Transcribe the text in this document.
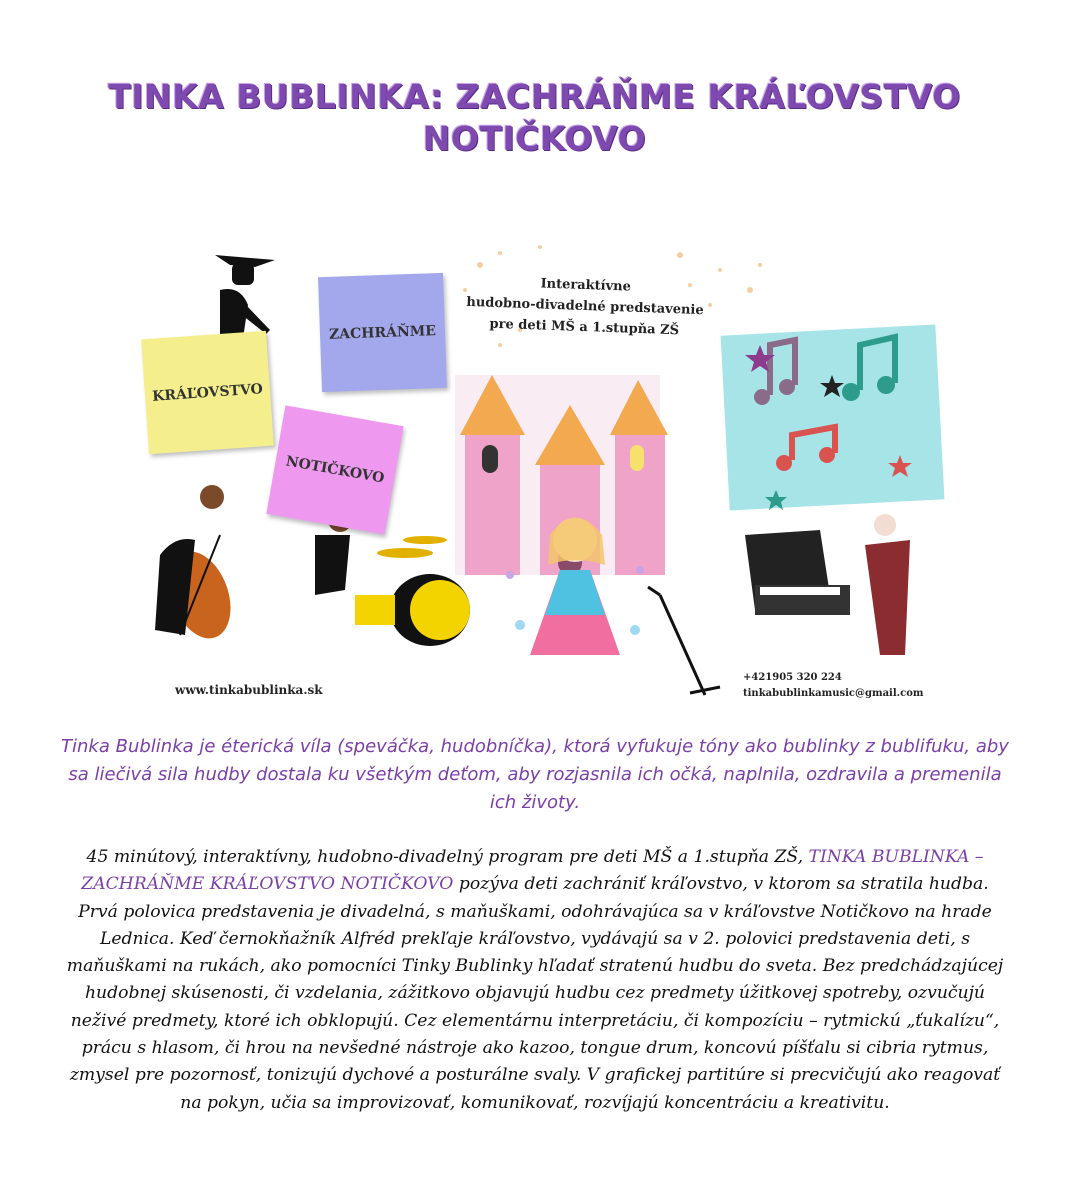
TINKA BUBLINKA: ZACHRÁŇME KRÁĽOVSTVO
NOTIČKOVO
KRÁĽOVSTVO
ZACHRÁŇME
NOTIČKOVO
Interaktívne
hudobno-divadelné predstavenie
pre deti MŠ a 1.stupňa ZŠ
www.tinkabublinka.sk
+421905 320 224
tinkabublinkamusic@gmail.com
Tinka Bublinka je éterická víla (speváčka, hudobníčka), ktorá vyfukuje tóny ako bublinky z bublifuku, aby sa liečivá sila hudby dostala ku všetkým deťom, aby rozjasnila ich očká, naplnila, ozdravila a premenila ich životy.
45 minútový, interaktívny, hudobno-divadelný program pre deti MŠ a 1.stupňa ZŠ, TINKA BUBLINKA – ZACHRÁŇME KRÁĽOVSTVO NOTIČKOVO pozýva deti zachrániť kráľovstvo, v ktorom sa stratila hudba. Prvá polovica predstavenia je divadelná, s maňuškami, odohrávajúca sa v kráľovstve Notičkovo na hrade Lednica. Keď černokňažník Alfréd prekľaje kráľovstvo, vydávajú sa v 2. polovici predstavenia deti, s maňuškami na rukách, ako pomocníci Tinky Bublinky hľadať stratenú hudbu do sveta. Bez predchádzajúcej hudobnej skúsenosti, či vzdelania, zážitkovo objavujú hudbu cez predmety úžitkovej spotreby, ozvučujú neživé predmety, ktoré ich obklopujú. Cez elementárnu interpretáciu, či kompozíciu – rytmickú „ťukalízu“, prácu s hlasom, či hrou na nevšedné nástroje ako kazoo, tongue drum, koncovú píšťalu si cibria rytmus, zmysel pre pozornosť, tonizujú dychové a posturálne svaly. V grafickej partitúre si precvičujú ako reagovať na pokyn, učia sa improvizovať, komunikovať, rozvíjajú koncentráciu a kreativitu.
